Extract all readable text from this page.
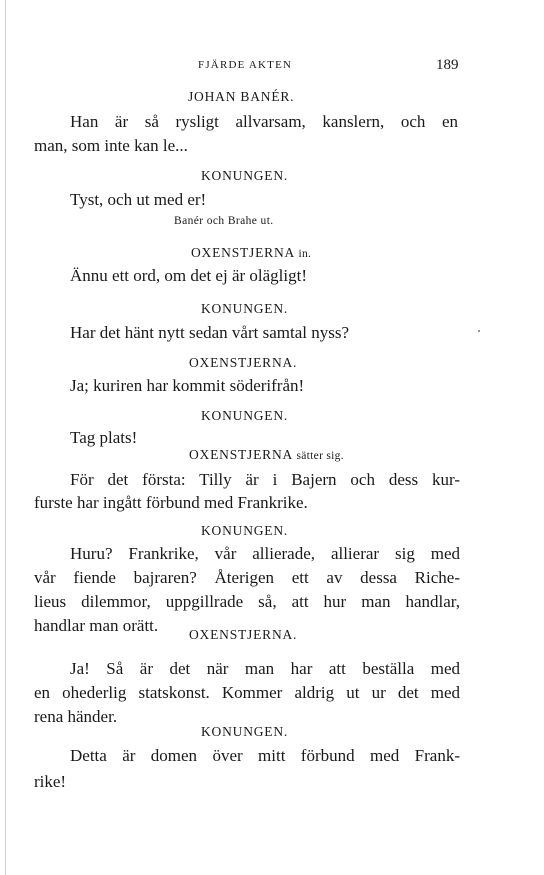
FJÄRDE AKTEN	189
JOHAN BANÉR.
Han är så rysligt allvarsam, kanslern, och en
man, som inte kan le...
KONUNGEN.
Tyst, och ut med er!
Banér och Brahe ut.
OXENSTJERNA in.
Ännu ett ord, om det ej är olägligt!
KONUNGEN.
Har det hänt nytt sedan vårt samtal nyss?
OXENSTJERNA.
Ja; kuriren har kommit söderifrån!
KONUNGEN.
Tag plats!
OXENSTJERNA sätter sig.
För det första: Tilly är i Bajern och dess kur-
furste har ingått förbund med Frankrike.
KONUNGEN.
Huru? Frankrike, vår allierade, allierar sig med
vår fiende bajraren? Återigen ett av dessa Riche-
lieus dilemmor, uppgillrade så, att hur man handlar,
handlar man orätt. OXENSTJERNA.
Ja! Så är det när man har att beställa med
en ohederlig statskonst. Kommer aldrig ut ur det med
rena händer.
KONUNGEN.
Detta är domen över mitt förbund med Frank-
rike!
